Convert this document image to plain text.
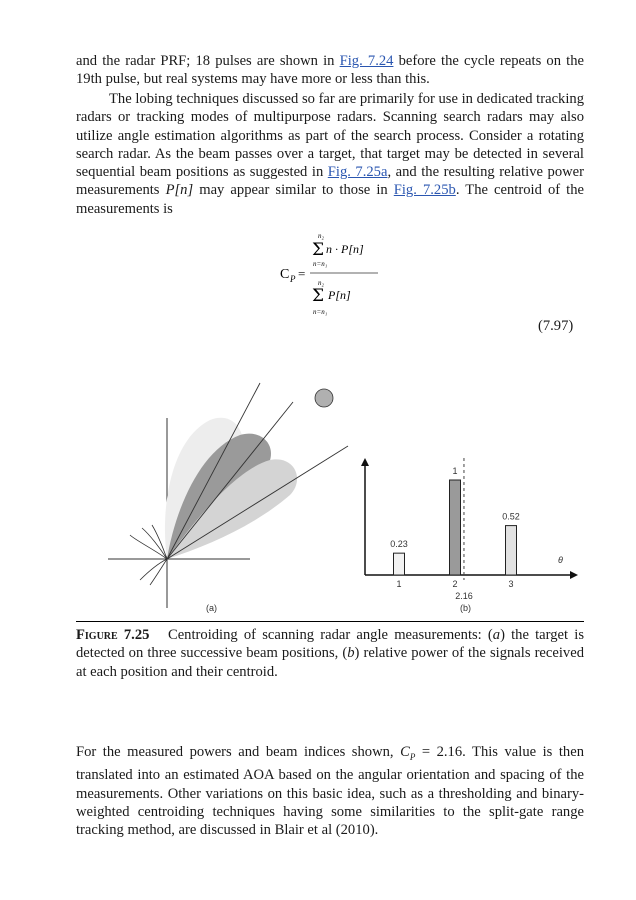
and the radar PRF; 18 pulses are shown in Fig. 7.24 before the cycle repeats on the 19th pulse, but real systems may have more or less than this.

The lobing techniques discussed so far are primarily for use in dedicated tracking radars or tracking modes of multipurpose radars. Scanning search radars may also utilize angle estimation algorithms as part of the search process. Consider a rotating search radar. As the beam passes over a target, that target may be detected in several sequential beam positions as suggested in Fig. 7.25a, and the resulting relative power measurements P[n] may appear similar to those in Fig. 7.25b. The centroid of the measurements is

C P =
n₂
Σ n · P[n]
n=n₁
n₂
Σ P[n]
n=n₁
(7.97)
(a)
θ
2.16
(b)
0.23
1
1
2
0.52
3

Figure 7.25 Centroiding of scanning radar angle measurements: (a) the target is detected on three successive beam positions, (b) relative power of the signals received at each position and their centroid.

For the measured powers and beam indices shown, $C_P = 2.16$. This value is then translated into an estimated AOA based on the angular orientation and spacing of the measurements. Other variations on this basic idea, such as a thresholding and binary-weighted centroiding techniques having some similarities to the split-gate range tracking method, are discussed in Blair et al (2010).
